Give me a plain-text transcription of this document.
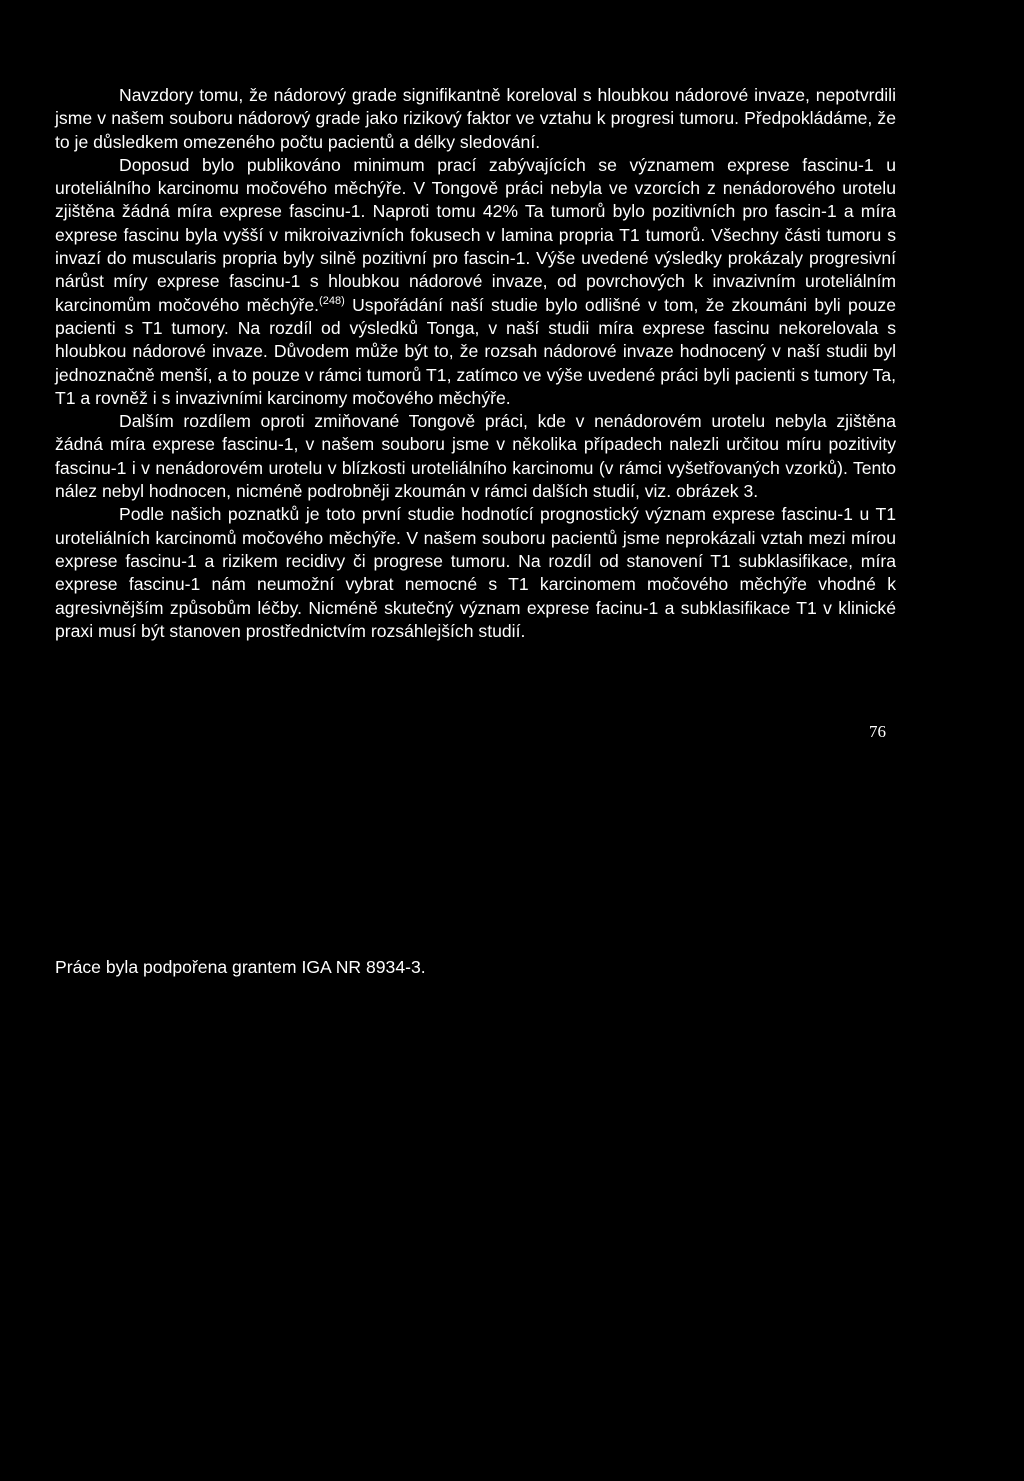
Navzdory tomu, že nádorový grade signifikantně koreloval s hloubkou nádorové invaze, nepotvrdili jsme v našem souboru nádorový grade jako rizikový faktor ve vztahu k progresi tumoru. Předpokládáme, že to je důsledkem omezeného počtu pacientů a délky sledování.

Doposud bylo publikováno minimum prací zabývajících se významem exprese fascinu-1 u uroteliálního karcinomu močového měchýře. V Tongově práci nebyla ve vzorcích z nenádorového urotelu zjištěna žádná míra exprese fascinu-1. Naproti tomu 42% Ta tumorů bylo pozitivních pro fascin-1 a míra exprese fascinu byla vyšší v mikroivazivních fokusech v lamina propria T1 tumorů. Všechny části tumoru s invazí do muscularis propria byly silně pozitivní pro fascin-1. Výše uvedené výsledky prokázaly progresivní nárůst míry exprese fascinu-1 s hloubkou nádorové invaze, od povrchových k invazivním uroteliálním karcinomům močového měchýře.$^{(248)}$ Uspořádání naší studie bylo odlišné v tom, že zkoumáni byli pouze pacienti s T1 tumory. Na rozdíl od výsledků Tonga, v naší studii míra exprese fascinu nekorelovala s hloubkou nádorové invaze. Důvodem může být to, že rozsah nádorové invaze hodnocený v naší studii byl jednoznačně menší, a to pouze v rámci tumorů T1, zatímco ve výše uvedené práci byli pacienti s tumory Ta, T1 a rovněž i s invazivními karcinomy močového měchýře.

Dalším rozdílem oproti zmiňované Tongově práci, kde v nenádorovém urotelu nebyla zjištěna žádná míra exprese fascinu-1, v našem souboru jsme v několika případech nalezli určitou míru pozitivity fascinu-1 i v nenádorovém urotelu v blízkosti uroteliálního karcinomu (v rámci vyšetřovaných vzorků). Tento nález nebyl hodnocen, nicméně podrobněji zkoumán v rámci dalších studií, viz. obrázek 3.

Podle našich poznatků je toto první studie hodnotící prognostický význam exprese fascinu-1 u T1 uroteliálních karcinomů močového měchýře. V našem souboru pacientů jsme neprokázali vztah mezi mírou exprese fascinu-1 a rizikem recidivy či progrese tumoru. Na rozdíl od stanovení T1 subklasifikace, míra exprese fascinu-1 nám neumožní vybrat nemocné s T1 karcinomem močového měchýře vhodné k agresivnějším způsobům léčby. Nicméně skutečný význam exprese facinu-1 a subklasifikace T1 v klinické praxi musí být stanoven prostřednictvím rozsáhlejších studií.

Práce byla podpořena grantem IGA NR 8934-3.

76
